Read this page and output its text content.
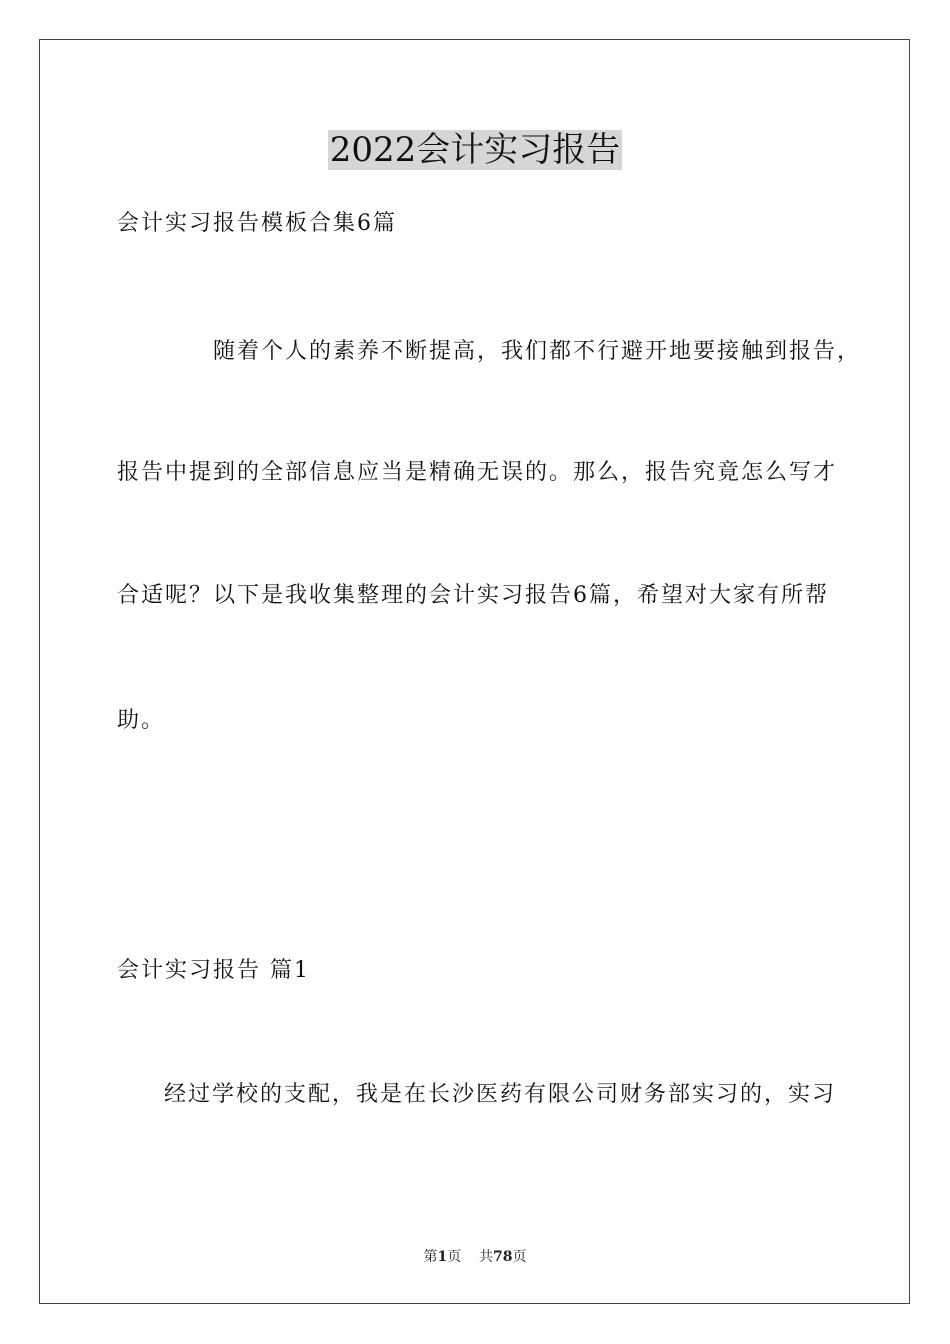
2022会计实习报告
会计实习报告模板合集6篇
随着个人的素养不断提高，我们都不行避开地要接触到报告，
报告中提到的全部信息应当是精确无误的。那么，报告究竟怎么写才
合适呢？以下是我收集整理的会计实习报告6篇，希望对大家有所帮
助。
会计实习报告 篇1
经过学校的支配，我是在长沙医药有限公司财务部实习的，实习
第1页 共78页
